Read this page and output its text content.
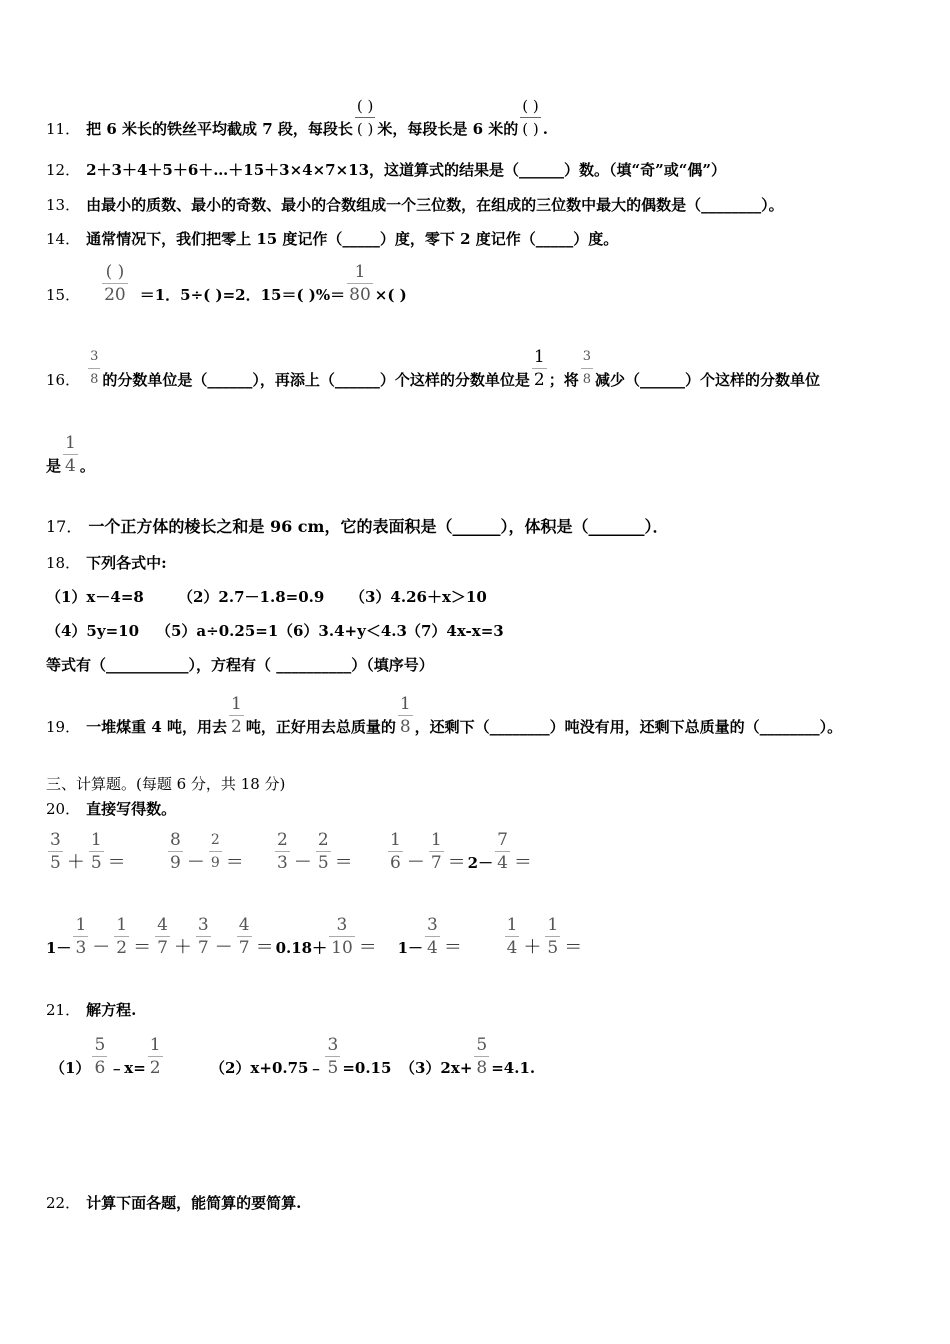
11． 把 6 米长的铁丝平均截成 7 段，每段长 $\frac{( )}{( )}$ 米，每段长是 6 米的 $\frac{( )}{( )}$ .
12． 2＋3＋4＋5＋6＋…＋15＋3×4×7×13，这道算式的结果是（______）数。（填“奇”或“偶”）
13． 由最小的质数、最小的奇数、最小的合数组成一个三位数，在组成的三位数中最大的偶数是（________）。
14． 通常情况下，我们把零上 15 度记作（_____）度，零下 2 度记作（_____）度。
15． $\frac{( )}{20} =1$．5÷( )=2．15＝( )%＝ $\frac{1}{80}$ ×( )
16． $\frac{3}{8}$ 的分数单位是（______），再添上（______）个这样的分数单位是 $\frac{1}{2}$ ；将 $\frac{3}{8}$ 减少（______）个这样的分数单位
是 $\frac{1}{4}$ 。
17． 一个正方体的棱长之和是 96 cm，它的表面积是（______），体积是（_______）．
18． 下列各式中:
（1）x－4=8	（2）2.7－1.8=0.9	（3）4.26＋x＞10
（4）5y=10	（5）a÷0.25=1 （6）3.4+y＜4.3 （7）4x-x=3
等式有（___________），方程有（ __________）（填序号）
19． 一堆煤重 4 吨，用去 $\frac{1}{2}$ 吨，正好用去总质量的 $\frac{1}{8}$ ，还剩下（________）吨没有用，还剩下总质量的（________）。
三、计算题。(每题 6 分，共 18 分)
20． 直接写得数。
$\frac{3}{5} + \frac{1}{5} = \frac{8}{9} - \frac{2}{9} = \frac{2}{3} - \frac{2}{5} = \frac{1}{6} - \frac{1}{7} = 2- \frac{7}{4}$ ＝
$1- \frac{1}{3} - \frac{1}{2} = \frac{4}{7} + \frac{3}{7} - \frac{4}{7} = 0.18+ \frac{3}{10} = 1- \frac{3}{4}$ ＝	$\frac{1}{4} + \frac{1}{5}$ ＝
21． 解方程.
$(1) \frac{5}{6}$ ﹣x= $\frac{1}{2}$	（2）x+0.75﹣ $\frac{3}{5} =0.15$ $(3)2x+ \frac{5}{8} =4.1$.
22． 计算下面各题，能简算的要简算.
